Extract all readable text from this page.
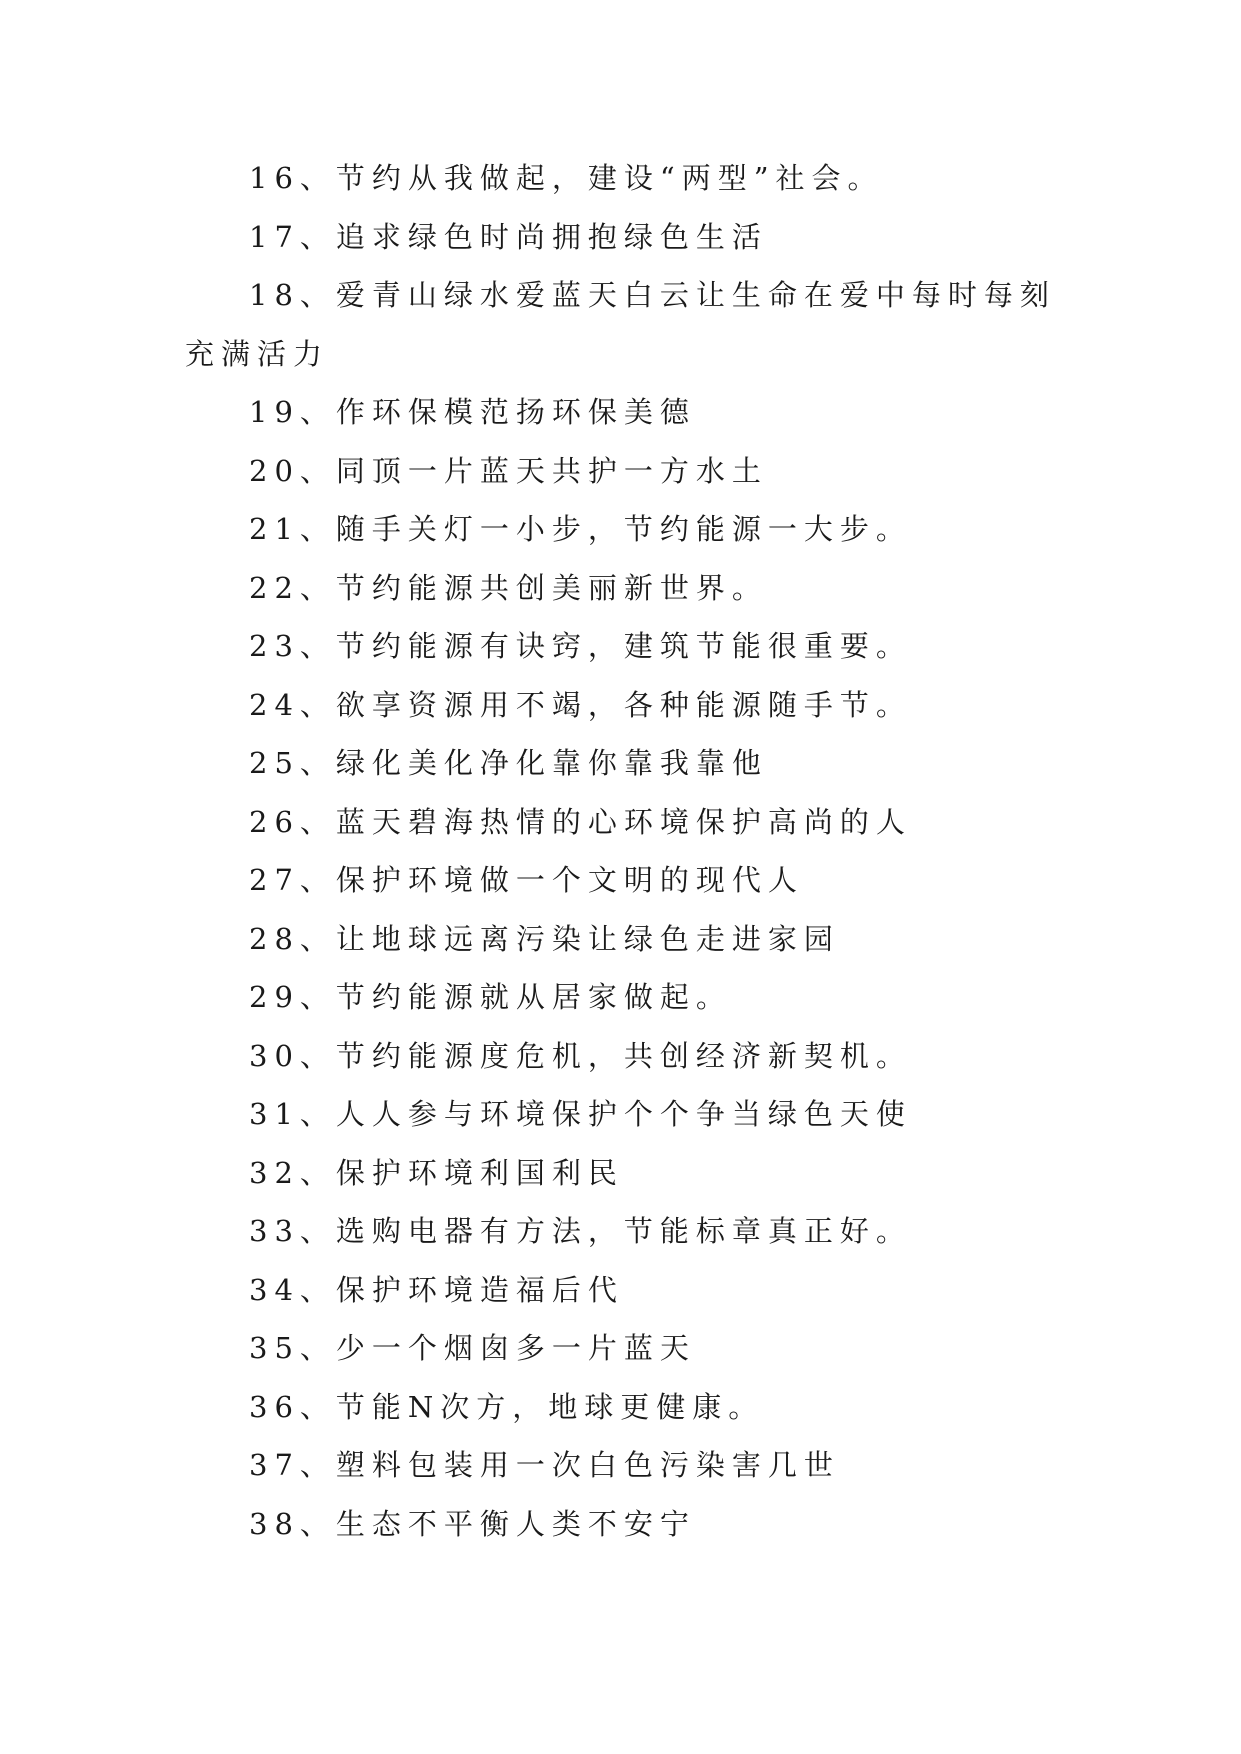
16、节约从我做起，建设“两型”社会。

17、追求绿色时尚拥抱绿色生活

18、爱青山绿水爱蓝天白云让生命在爱中每时每刻充满活力

19、作环保模范扬环保美德

20、同顶一片蓝天共护一方水土

21、随手关灯一小步，节约能源一大步。

22、节约能源共创美丽新世界。

23、节约能源有诀窍，建筑节能很重要。

24、欲享资源用不竭，各种能源随手节。

25、绿化美化净化靠你靠我靠他

26、蓝天碧海热情的心环境保护高尚的人

27、保护环境做一个文明的现代人

28、让地球远离污染让绿色走进家园

29、节约能源就从居家做起。

30、节约能源度危机，共创经济新契机。

31、人人参与环境保护个个争当绿色天使

32、保护环境利国利民

33、选购电器有方法，节能标章真正好。

34、保护环境造福后代

35、少一个烟囱多一片蓝天

36、节能N次方，地球更健康。

37、塑料包装用一次白色污染害几世

38、生态不平衡人类不安宁
